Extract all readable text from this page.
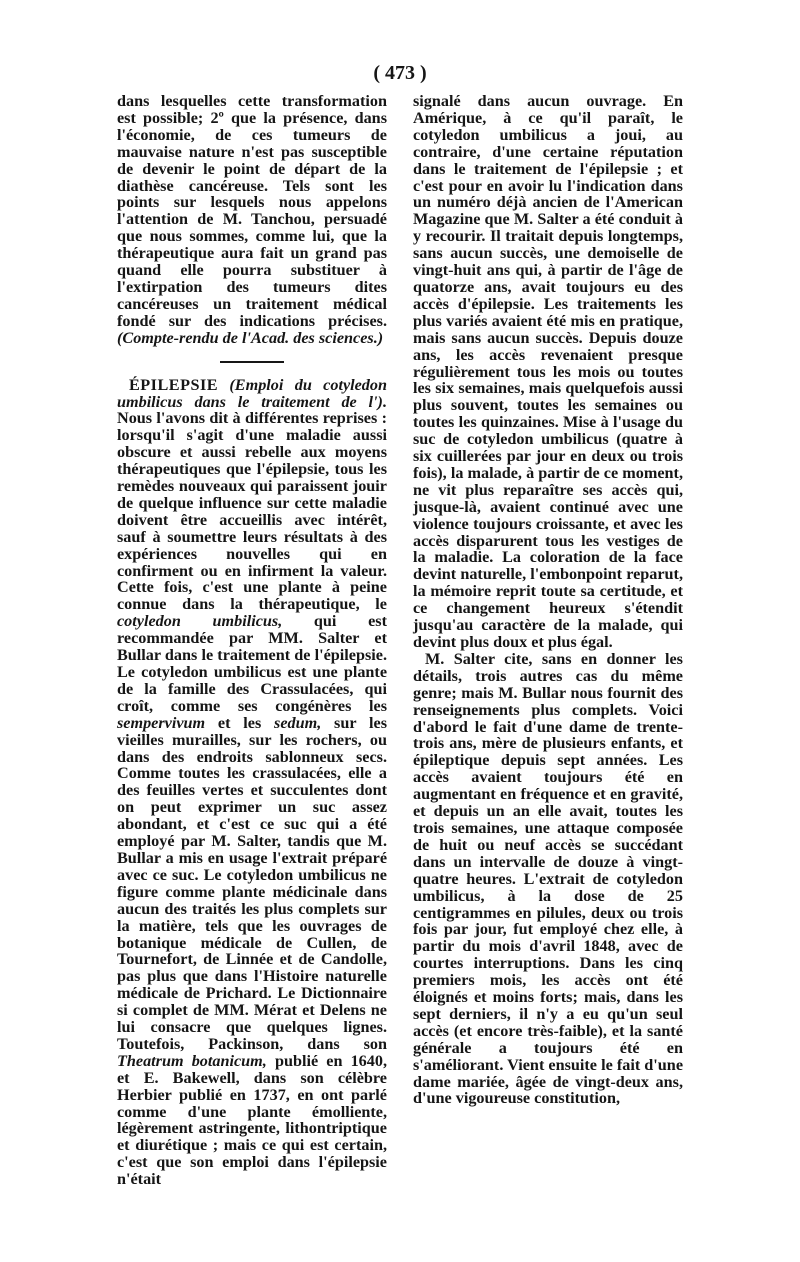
( 473 )

dans lesquelles cette transformation est possible; 2º que la présence, dans l'économie, de ces tumeurs de mauvaise nature n'est pas susceptible de devenir le point de départ de la diathèse cancéreuse. Tels sont les points sur lesquels nous appelons l'attention de M. Tanchou, persuadé que nous sommes, comme lui, que la thérapeutique aura fait un grand pas quand elle pourra substituer à l'extirpation des tumeurs dites cancéreuses un traitement médical fondé sur des indications précises. (Compte-rendu de l'Acad. des sciences.)

ÉPILEPSIE (Emploi du cotyledon umbilicus dans le traitement de l'). Nous l'avons dit à différentes reprises : lorsqu'il s'agit d'une maladie aussi obscure et aussi rebelle aux moyens thérapeutiques que l'épilepsie, tous les remèdes nouveaux qui paraissent jouir de quelque influence sur cette maladie doivent être accueillis avec intérêt, sauf à soumettre leurs résultats à des expériences nouvelles qui en confirment ou en infirment la valeur. Cette fois, c'est une plante à peine connue dans la thérapeutique, le cotyledon umbilicus, qui est recommandée par MM. Salter et Bullar dans le traitement de l'épilepsie. Le cotyledon umbilicus est une plante de la famille des Crassulacées, qui croît, comme ses congénères les sempervivum et les sedum, sur les vieilles murailles, sur les rochers, ou dans des endroits sablonneux secs. Comme toutes les crassulacées, elle a des feuilles vertes et succulentes dont on peut exprimer un suc assez abondant, et c'est ce suc qui a été employé par M. Salter, tandis que M. Bullar a mis en usage l'extrait préparé avec ce suc. Le cotyledon umbilicus ne figure comme plante médicinale dans aucun des traités les plus complets sur la matière, tels que les ouvrages de botanique médicale de Cullen, de Tournefort, de Linnée et de Candolle, pas plus que dans l'Histoire naturelle médicale de Prichard. Le Dictionnaire si complet de MM. Mérat et Delens ne lui consacre que quelques lignes. Toutefois, Packinson, dans son Theatrum botanicum, publié en 1640, et E. Bakewell, dans son célèbre Herbier publié en 1737, en ont parlé comme d'une plante émolliente, légèrement astringente, lithontriptique et diurétique ; mais ce qui est certain, c'est que son emploi dans l'épilepsie n'était

signalé dans aucun ouvrage. En Amérique, à ce qu'il paraît, le cotyledon umbilicus a joui, au contraire, d'une certaine réputation dans le traitement de l'épilepsie ; et c'est pour en avoir lu l'indication dans un numéro déjà ancien de l'American Magazine que M. Salter a été conduit à y recourir. Il traitait depuis longtemps, sans aucun succès, une demoiselle de vingt-huit ans qui, à partir de l'âge de quatorze ans, avait toujours eu des accès d'épilepsie. Les traitements les plus variés avaient été mis en pratique, mais sans aucun succès. Depuis douze ans, les accès revenaient presque régulièrement tous les mois ou toutes les six semaines, mais quelquefois aussi plus souvent, toutes les semaines ou toutes les quinzaines. Mise à l'usage du suc de cotyledon umbilicus (quatre à six cuillerées par jour en deux ou trois fois), la malade, à partir de ce moment, ne vit plus reparaître ses accès qui, jusque-là, avaient continué avec une violence toujours croissante, et avec les accès disparurent tous les vestiges de la maladie. La coloration de la face devint naturelle, l'embonpoint reparut, la mémoire reprit toute sa certitude, et ce changement heureux s'étendit jusqu'au caractère de la malade, qui devint plus doux et plus égal.

M. Salter cite, sans en donner les détails, trois autres cas du même genre; mais M. Bullar nous fournit des renseignements plus complets. Voici d'abord le fait d'une dame de trente-trois ans, mère de plusieurs enfants, et épileptique depuis sept années. Les accès avaient toujours été en augmentant en fréquence et en gravité, et depuis un an elle avait, toutes les trois semaines, une attaque composée de huit ou neuf accès se succédant dans un intervalle de douze à vingt-quatre heures. L'extrait de cotyledon umbilicus, à la dose de 25 centigrammes en pilules, deux ou trois fois par jour, fut employé chez elle, à partir du mois d'avril 1848, avec de courtes interruptions. Dans les cinq premiers mois, les accès ont été éloignés et moins forts; mais, dans les sept derniers, il n'y a eu qu'un seul accès (et encore très-faible), et la santé générale a toujours été en s'améliorant. Vient ensuite le fait d'une dame mariée, âgée de vingt-deux ans, d'une vigoureuse constitution,
